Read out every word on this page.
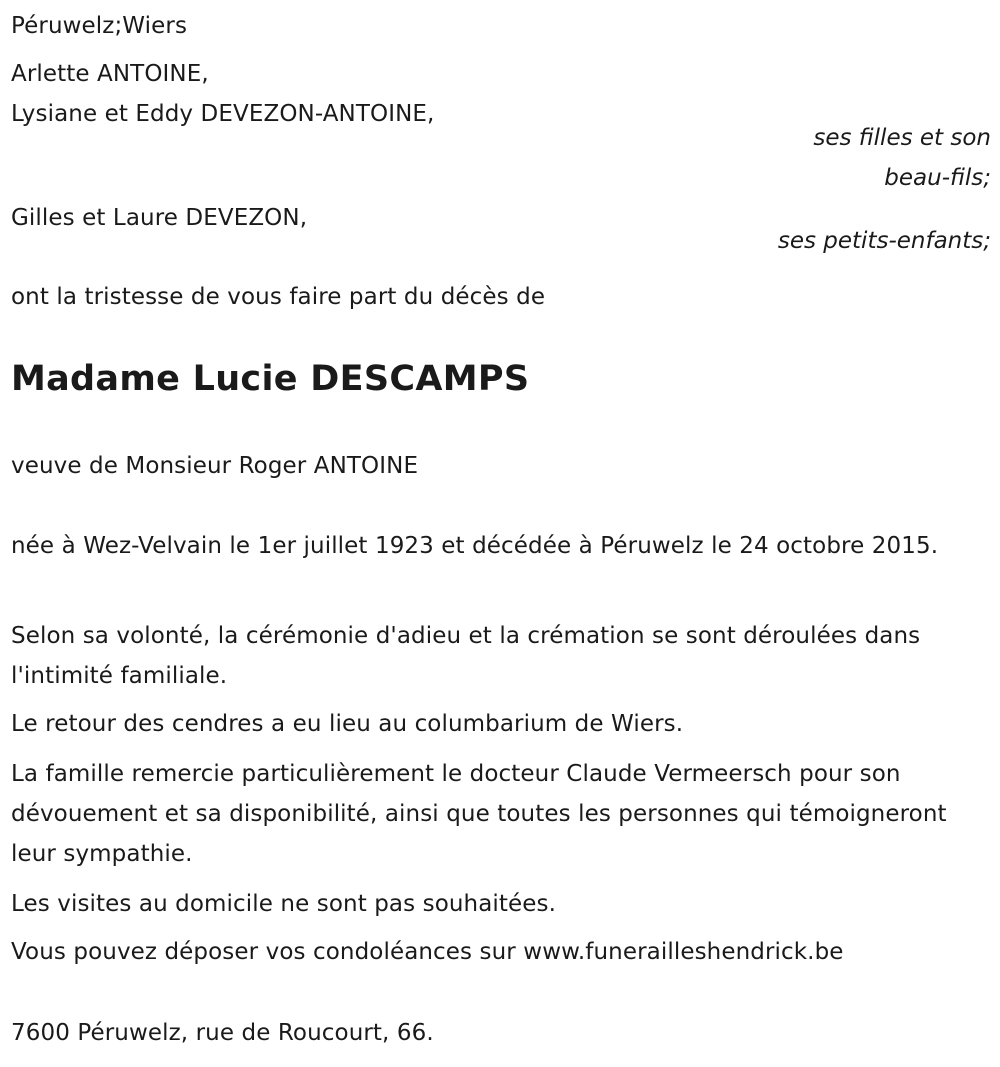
Péruwelz;Wiers
Arlette ANTOINE,
Lysiane et Eddy DEVEZON-ANTOINE,
ses filles et son
beau-fils;
Gilles et Laure DEVEZON,
ses petits-enfants;
ont la tristesse de vous faire part du décès de
Madame Lucie DESCAMPS
veuve de Monsieur Roger ANTOINE
née à Wez-Velvain le 1er juillet 1923 et décédée à Péruwelz le 24 octobre 2015.
Selon sa volonté, la cérémonie d'adieu et la crémation se sont déroulées dans l'intimité familiale.
Le retour des cendres a eu lieu au columbarium de Wiers.
La famille remercie particulièrement le docteur Claude Vermeersch pour son dévouement et sa disponibilité, ainsi que toutes les personnes qui témoigneront leur sympathie.
Les visites au domicile ne sont pas souhaitées.
Vous pouvez déposer vos condoléances sur www.funerailleshendrick.be
7600 Péruwelz, rue de Roucourt, 66.
